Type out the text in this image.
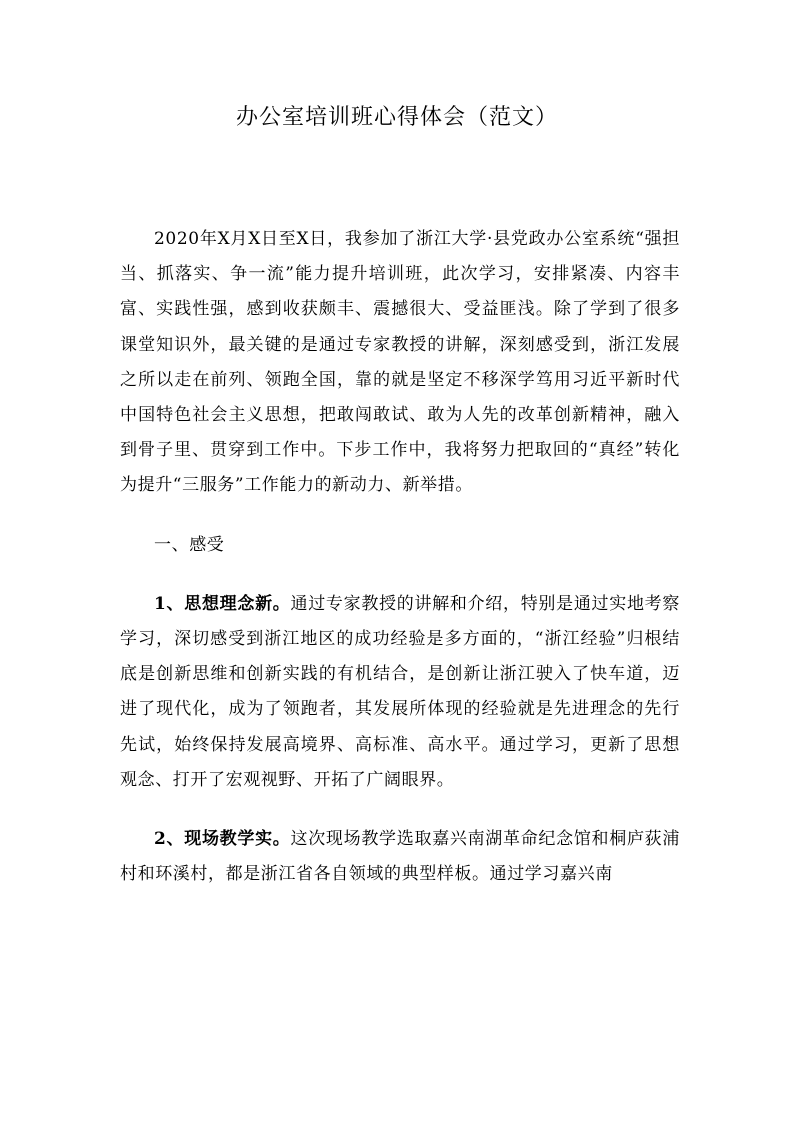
办公室培训班心得体会（范文）

2020年X月X日至X日，我参加了浙江大学·县党政办公室系统“强担当、抓落实、争一流”能力提升培训班，此次学习，安排紧凑、内容丰富、实践性强，感到收获颇丰、震撼很大、受益匪浅。除了学到了很多课堂知识外，最关键的是通过专家教授的讲解，深刻感受到，浙江发展之所以走在前列、领跑全国，靠的就是坚定不移深学笃用习近平新时代中国特色社会主义思想，把敢闯敢试、敢为人先的改革创新精神，融入到骨子里、贯穿到工作中。下步工作中，我将努力把取回的“真经”转化为提升“三服务”工作能力的新动力、新举措。

一、感受

1、思想理念新。通过专家教授的讲解和介绍，特别是通过实地考察学习，深切感受到浙江地区的成功经验是多方面的，“浙江经验”归根结底是创新思维和创新实践的有机结合，是创新让浙江驶入了快车道，迈进了现代化，成为了领跑者，其发展所体现的经验就是先进理念的先行先试，始终保持发展高境界、高标准、高水平。通过学习，更新了思想观念、打开了宏观视野、开拓了广阔眼界。

2、现场教学实。这次现场教学选取嘉兴南湖革命纪念馆和桐庐荻浦村和环溪村，都是浙江省各自领域的典型样板。通过学习嘉兴南
